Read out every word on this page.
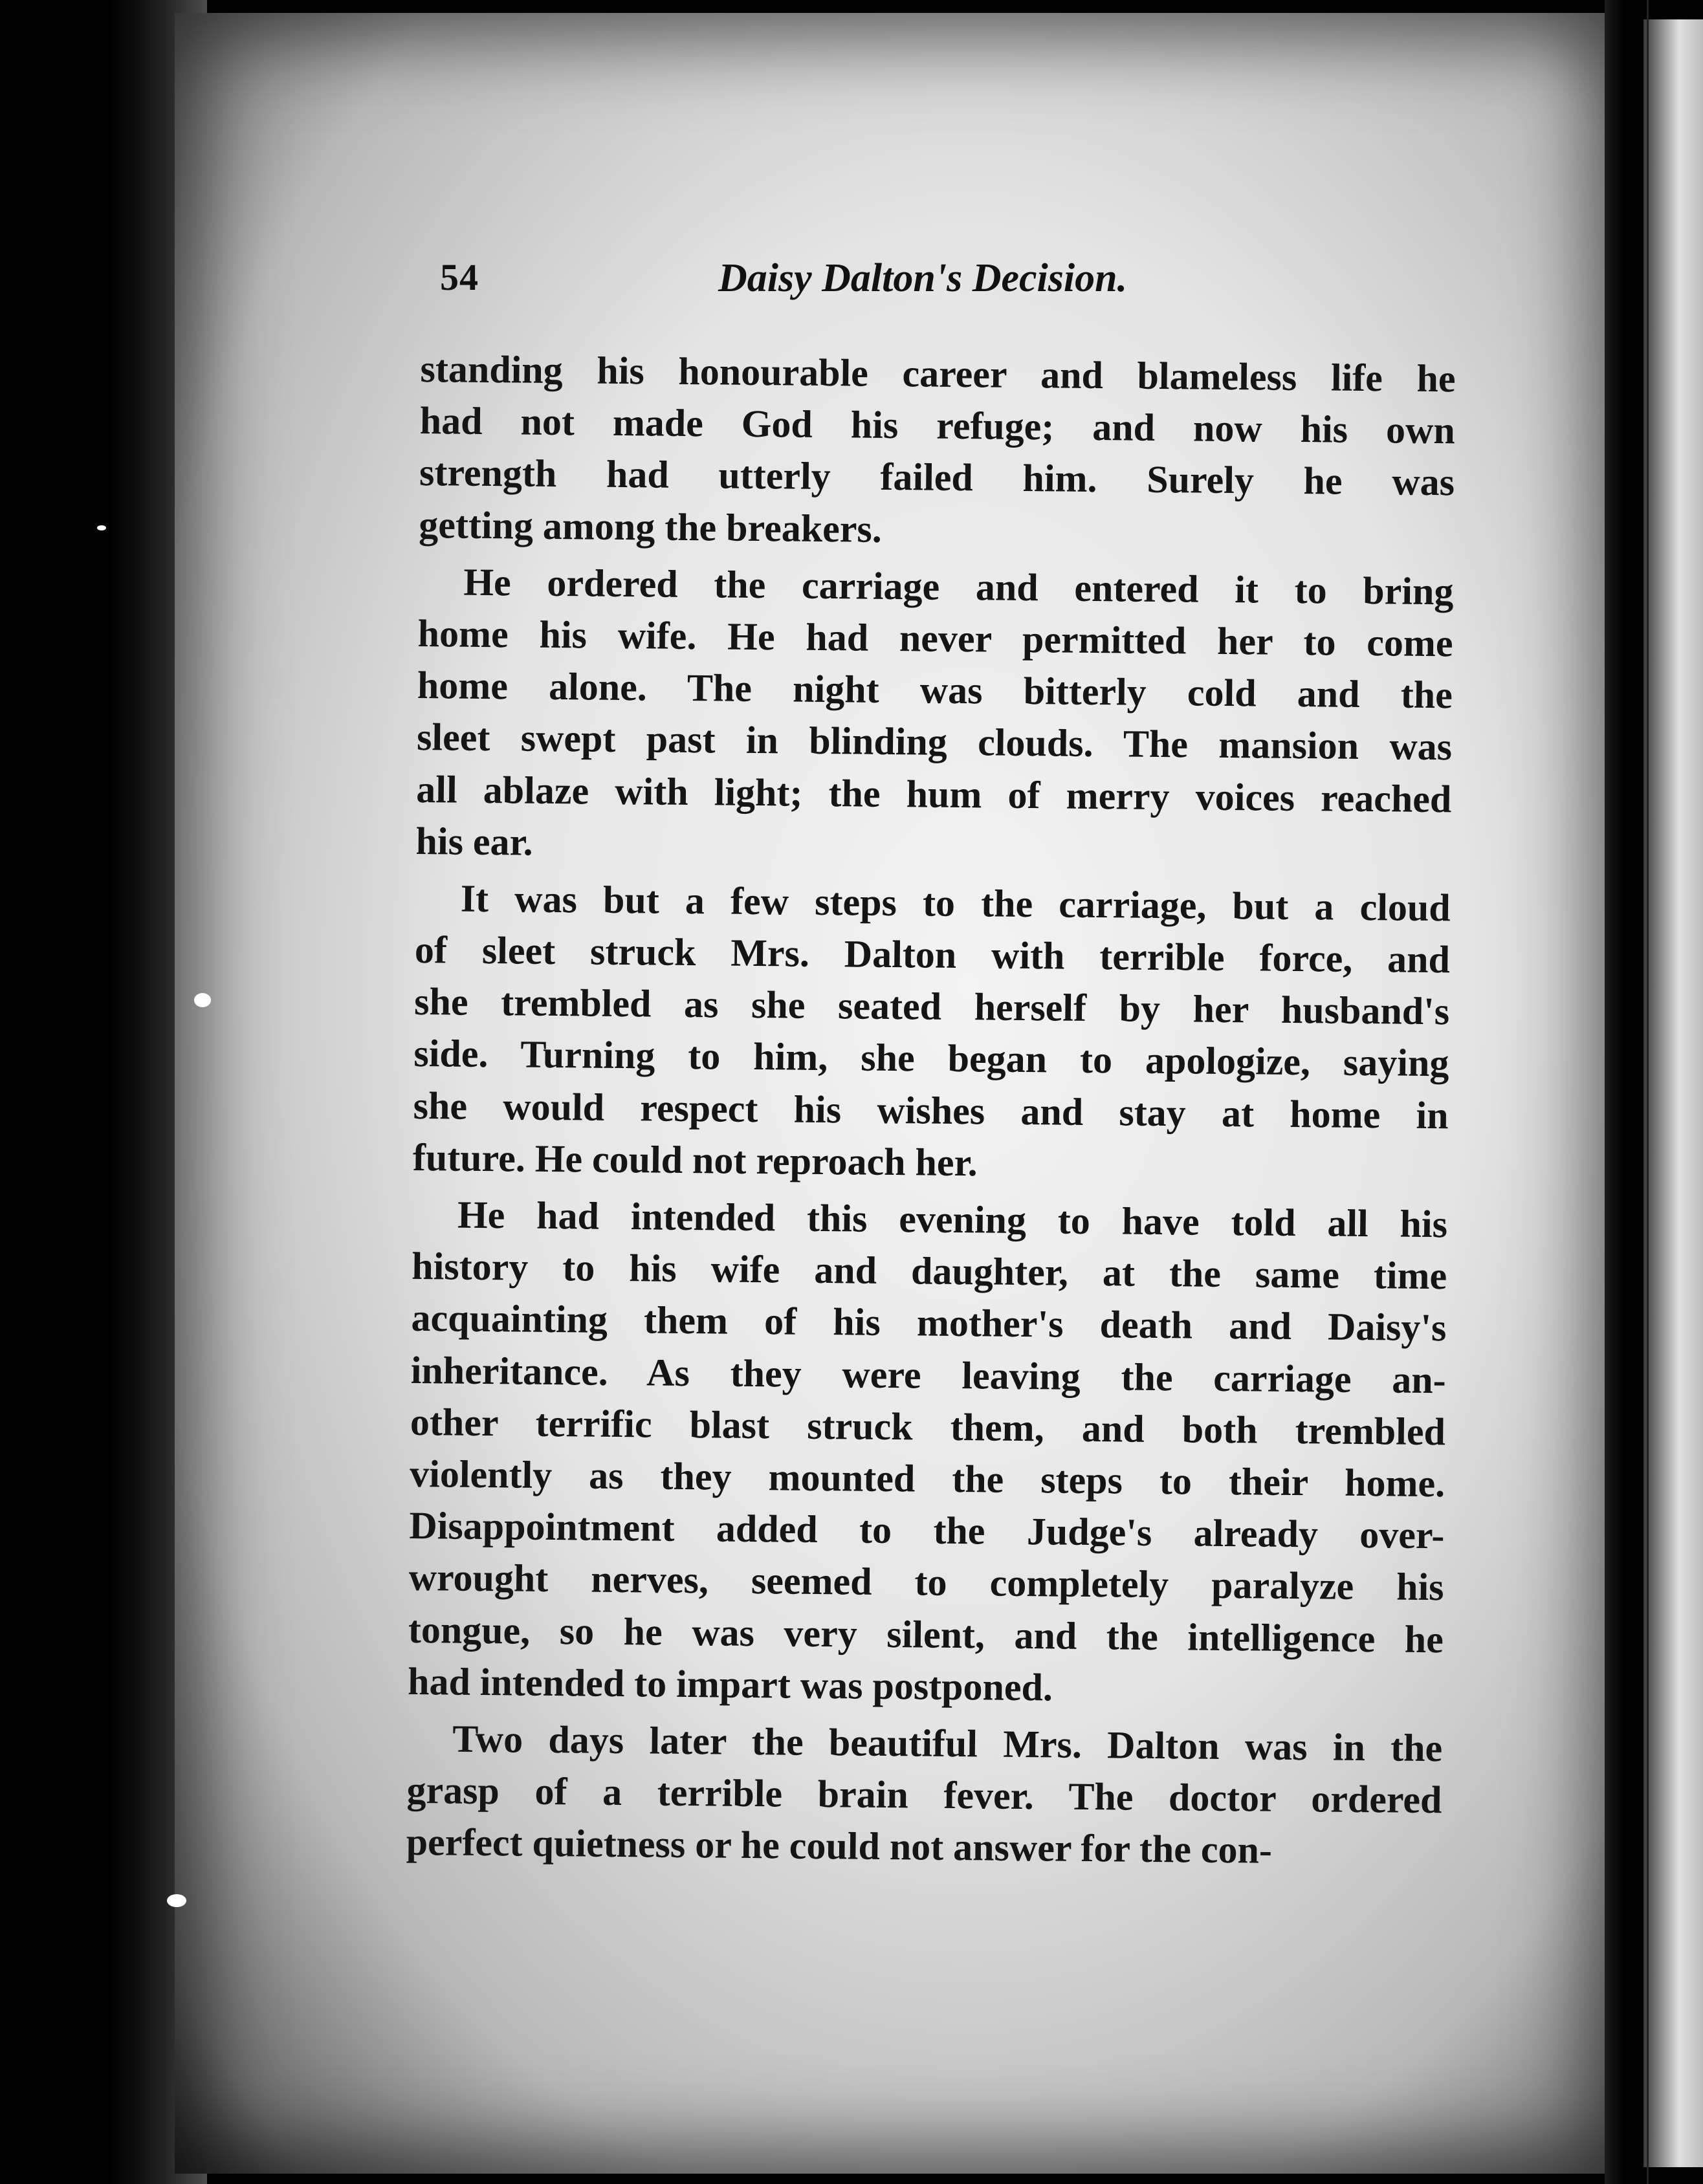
54	Daisy Dalton's Decision.
standing his honourable career and blameless life he
had not made God his refuge; and now his own
strength had utterly failed him. Surely he was
getting among the breakers.
He ordered the carriage and entered it to bring
home his wife. He had never permitted her to come
home alone. The night was bitterly cold and the
sleet swept past in blinding clouds. The mansion was
all ablaze with light; the hum of merry voices reached
his ear.
It was but a few steps to the carriage, but a cloud
of sleet struck Mrs. Dalton with terrible force, and
she trembled as she seated herself by her husband's
side. Turning to him, she began to apologize, saying
she would respect his wishes and stay at home in
future. He could not reproach her.
He had intended this evening to have told all his
history to his wife and daughter, at the same time
acquainting them of his mother's death and Daisy's
inheritance. As they were leaving the carriage an-
other terrific blast struck them, and both trembled
violently as they mounted the steps to their home.
Disappointment added to the Judge's already over-
wrought nerves, seemed to completely paralyze his
tongue, so he was very silent, and the intelligence he
had intended to impart was postponed.
Two days later the beautiful Mrs. Dalton was in the
grasp of a terrible brain fever. The doctor ordered
perfect quietness or he could not answer for the con-
